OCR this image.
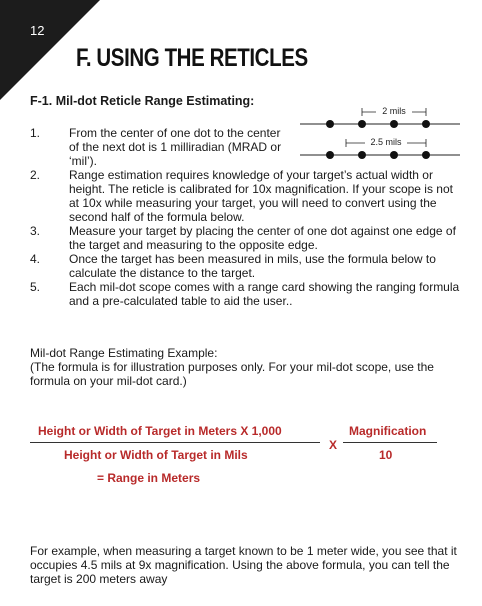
12
F. USING THE RETICLES
F-1. Mil-dot Reticle Range Estimating:
2 mils
2.5 mils
1.	From the center of one dot to the center of the next dot is 1 milliradian (MRAD or ‘mil’).
2.	Range estimation requires knowledge of your target’s actual width or height. The reticle is calibrated for 10x magnification. If your scope is not at 10x while measuring your target, you will need to convert using the second half of the formula below.
3.	Measure your target by placing the center of one dot against one edge of the target and measuring to the opposite edge.
4.	Once the target has been measured in mils, use the formula below to calculate the distance to the target.
5.	Each mil-dot scope comes with a range card showing the ranging formula and a pre-calculated table to aid the user..
Mil-dot Range Estimating Example:
(The formula is for illustration purposes only. For your mil-dot scope, use the formula on your mil-dot card.)
Height or Width of Target in Meters X 1,000
Height or Width of Target in Mils
X
Magnification
10
= Range in Meters
For example, when measuring a target known to be 1 meter wide, you see that it occupies 4.5 mils at 9x magnification. Using the above formula, you can tell the target is 200 meters away
